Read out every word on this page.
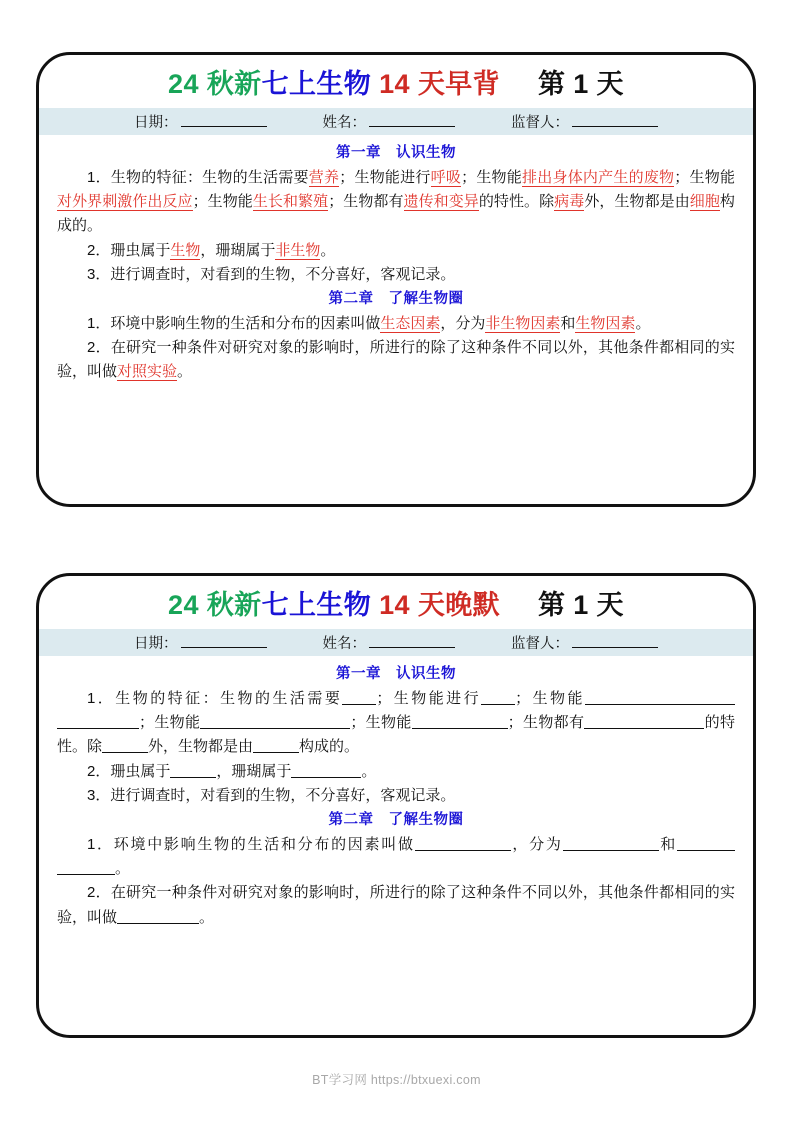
24 秋新七上生物 14 天早背 第 1 天
日期：	姓名：	监督人：
第一章　认识生物

1．生物的特征：生物的生活需要营养；生物能进行呼吸；生物能排出身体内产生的废物；生物能对外界刺激作出反应；生物能生长和繁殖；生物都有遗传和变异的特性。除病毒外，生物都是由细胞构成的。

2．珊虫属于生物，珊瑚属于非生物。

3．进行调查时，对看到的生物，不分喜好，客观记录。

第二章　了解生物圈

1．环境中影响生物的生活和分布的因素叫做生态因素，分为非生物因素和生物因素。

2．在研究一种条件对研究对象的影响时，所进行的除了这种条件不同以外，其他条件都相同的实验，叫做对照实验。

24 秋新七上生物 14 天晚默 第 1 天
日期：	姓名：	监督人：
第一章　认识生物

1．生物的特征：生物的生活需要 ；生物能进行 ；生物能；生物能	；生物能	；生物都有	的特性。除	外，生物都是由	构成的。

2．珊虫属于	，珊瑚属于	。

3．进行调查时，对看到的生物，不分喜好，客观记录。

第二章　了解生物圈

1．环境中影响生物的生活和分布的因素叫做	，分为	和。

2．在研究一种条件对研究对象的影响时，所进行的除了这种条件不同以外，其他条件都相同的实验，叫做	。

BT学习网 https://btxuexi.com
